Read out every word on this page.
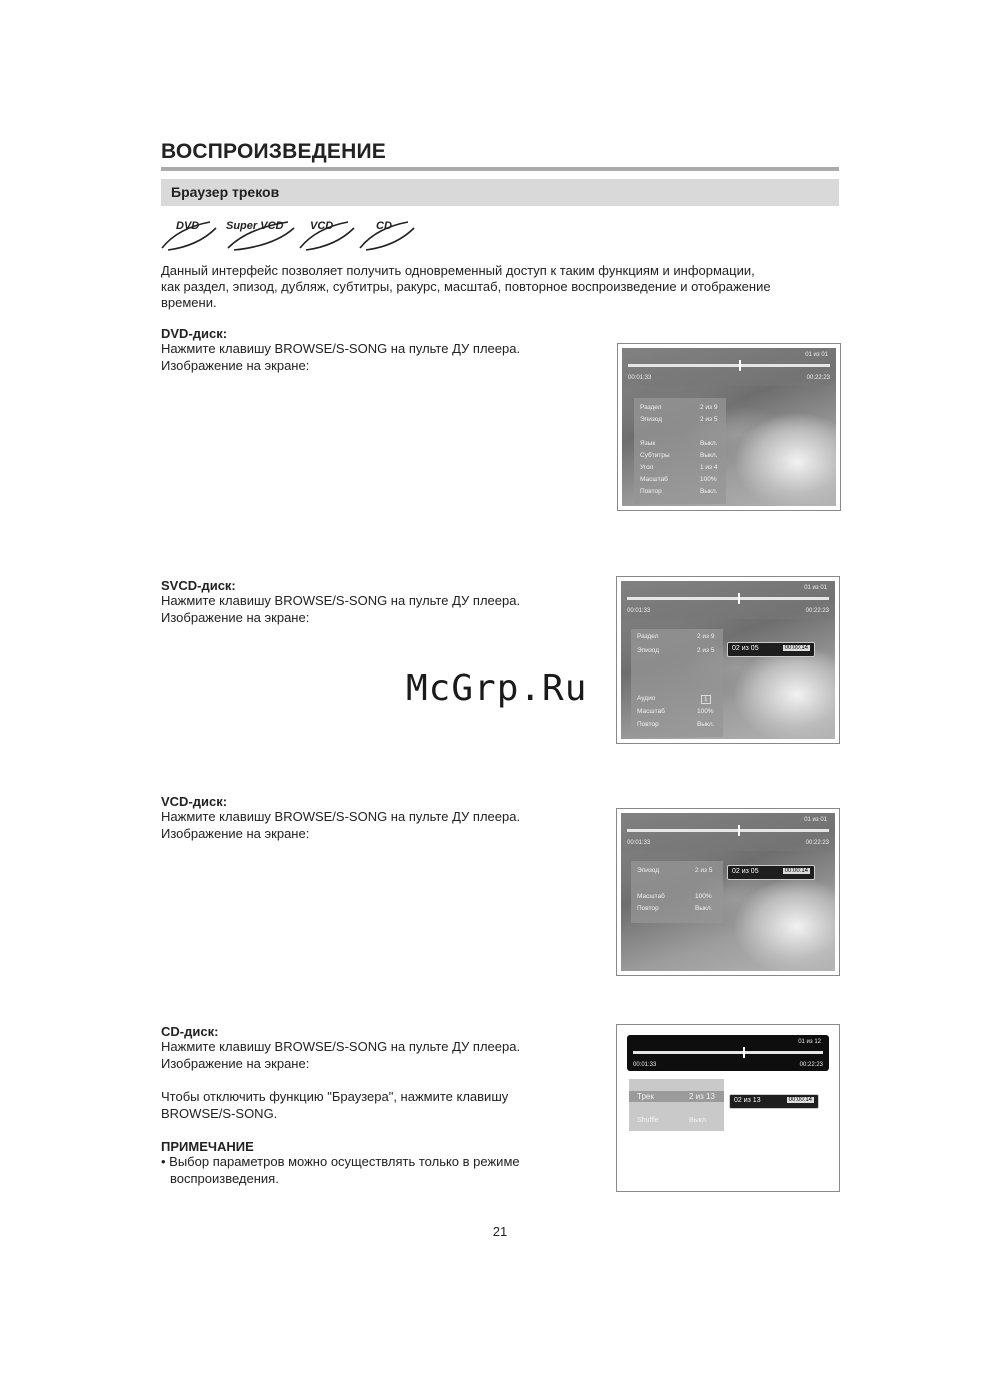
ВОСПРОИЗВЕДЕНИЕ
Браузер треков
DVD Super VCD VCD	CD
Данный интерфейс позволяет получить одновременный доступ к таким функциям и информации,
как раздел, эпизод, дубляж, субтитры, ракурс, масштаб, повторное воспроизведение и отображение
времени.
DVD-диск:
Нажмите клавишу BROWSE/S-SONG на пульте ДУ плеера.
Изображение на экране:
01 из 01
00:01:33	00:22:23
Раздел	2 из 9
Эпизод	2 из 5
Язык	Выкл.
Субтитры	Выкл.
Угол	1 из 4
Масштаб	100%
Повтор	Выкл.
SVCD-диск:
Нажмите клавишу BROWSE/S-SONG на пульте ДУ плеера.
Изображение на экране:
01 из 01
00:01:33	00:22:23
Раздел	2 из 9
Эпизод	2 из 5
Аудио	1
Масштаб	100%
Повтор	Выкл.
02 из 05	00:00:14
McGrp.Ru
VCD-диск:
Нажмите клавишу BROWSE/S-SONG на пульте ДУ плеера.
Изображение на экране:
01 из 01
00:01:33	00:22:23
Эпизод	2 из 5
Масштаб	100%
Повтор	Выкл.
02 из 05	00:00:14
CD-диск:
Нажмите клавишу BROWSE/S-SONG на пульте ДУ плеера.
Изображение на экране:
Чтобы отключить функцию "Браузера", нажмите клавишу
BROWSE/S-SONG.
ПРИМЕЧАНИЕ
• Выбор параметров можно осуществлять только в режиме
воспроизведения.
01 из 12
00:01:33	00:22:23
Трек	2 из 13
Shuffle	Выкл.
02 из 13	00:00:14
21
